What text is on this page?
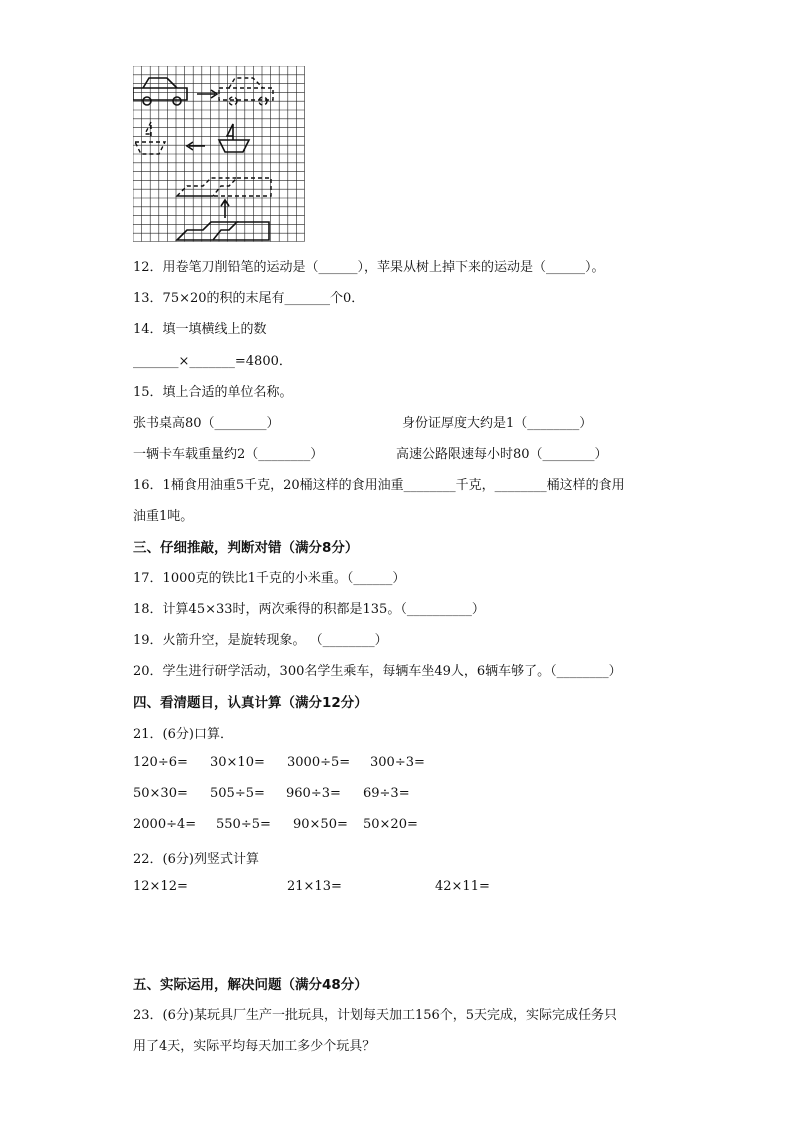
12．用卷笔刀削铅笔的运动是（______），苹果从树上掉下来的运动是（______）。
13．75×20的积的末尾有_______个0．
14．填一填横线上的数
_______×_______=4800．
15．填上合适的单位名称。
张书桌高80（________）	身份证厚度大约是1（________）
一辆卡车载重量约2（________）	高速公路限速每小时80（________）
16．1桶食用油重5千克，20桶这样的食用油重________千克，________桶这样的食用
油重1吨。
三、仔细推敲，判断对错（满分8分）
17．1000克的铁比1千克的小米重。（______）
18．计算45×33时，两次乘得的积都是135。（__________）
19．火箭升空，是旋转现象。 （________）
20．学生进行研学活动，300名学生乘车，每辆车坐49人，6辆车够了。（________）
四、看清题目，认真计算（满分12分）
21．(6分)口算．
120÷6= 30×10= 3000÷5= 300÷3=
50×30= 505÷5= 960÷3= 69÷3=
2000÷4= 550÷5= 90×50= 50×20=
22．(6分)列竖式计算
12×12=	21×13=	42×11=
五、实际运用，解决问题（满分48分）
23．(6分)某玩具厂生产一批玩具，计划每天加工156个，5天完成，实际完成任务只
用了4天，实际平均每天加工多少个玩具？
